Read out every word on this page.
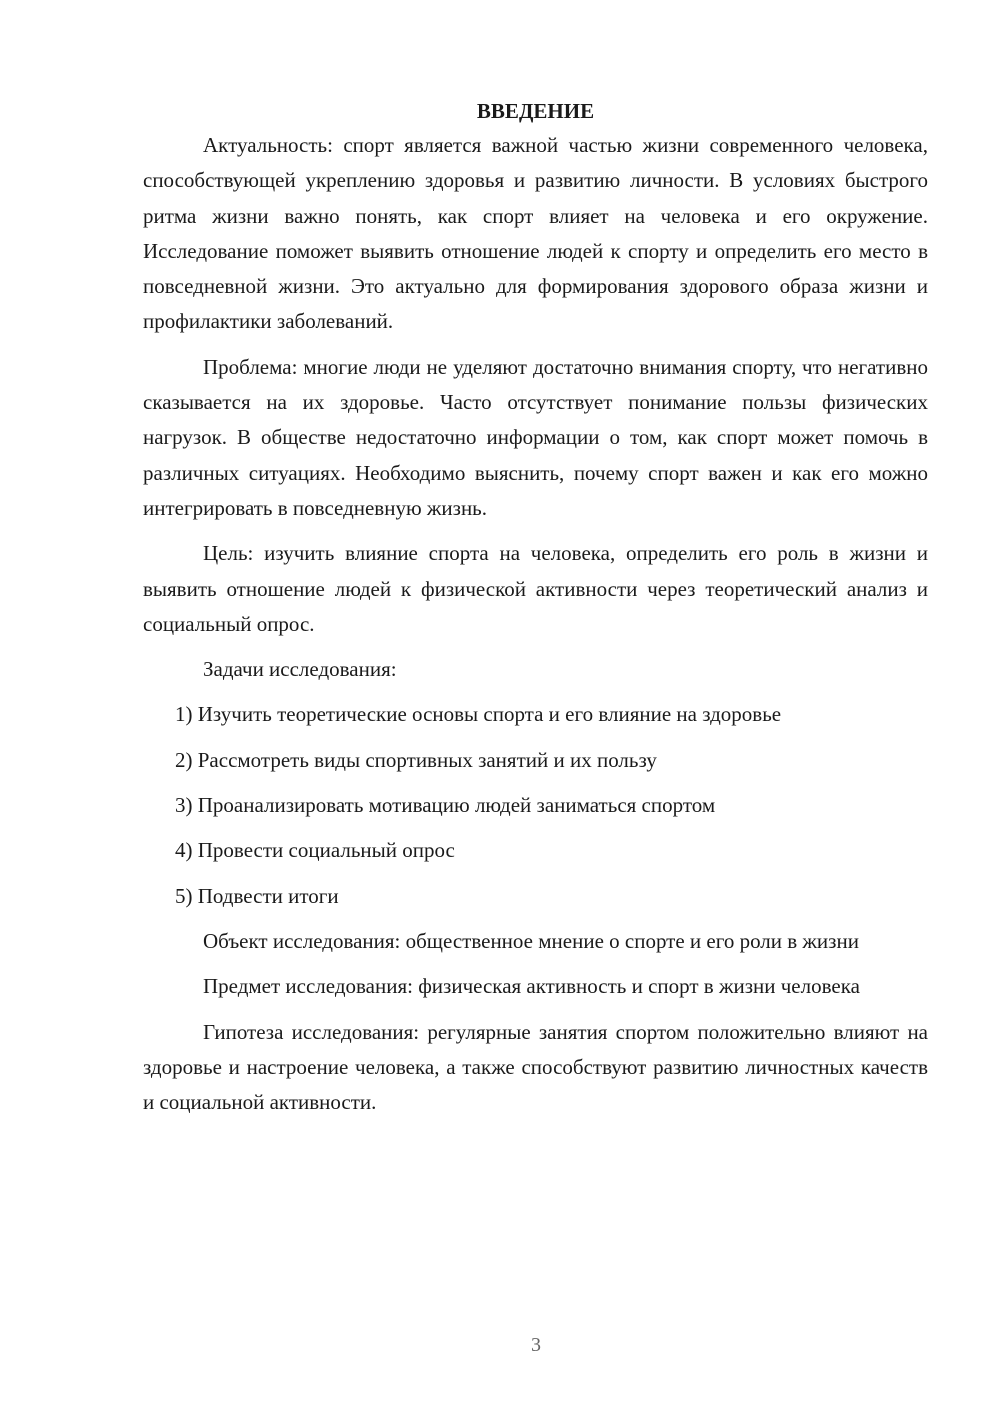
ВВЕДЕНИЕ

Актуальность: спорт является важной частью жизни современного человека, способствующей укреплению здоровья и развитию личности. В условиях быстрого ритма жизни важно понять, как спорт влияет на человека и его окружение. Исследование поможет выявить отношение людей к спорту и определить его место в повседневной жизни. Это актуально для формирования здорового образа жизни и профилактики заболеваний.

Проблема: многие люди не уделяют достаточно внимания спорту, что негативно сказывается на их здоровье. Часто отсутствует понимание пользы физических нагрузок. В обществе недостаточно информации о том, как спорт может помочь в различных ситуациях. Необходимо выяснить, почему спорт важен и как его можно интегрировать в повседневную жизнь.

Цель: изучить влияние спорта на человека, определить его роль в жизни и выявить отношение людей к физической активности через теоретический анализ и социальный опрос.

Задачи исследования:

1) Изучить теоретические основы спорта и его влияние на здоровье
2) Рассмотреть виды спортивных занятий и их пользу
3) Проанализировать мотивацию людей заниматься спортом
4) Провести социальный опрос
5) Подвести итоги

Объект исследования: общественное мнение о спорте и его роли в жизни

Предмет исследования: физическая активность и спорт в жизни человека

Гипотеза исследования: регулярные занятия спортом положительно влияют на здоровье и настроение человека, а также способствуют развитию личностных качеств и социальной активности.

3
